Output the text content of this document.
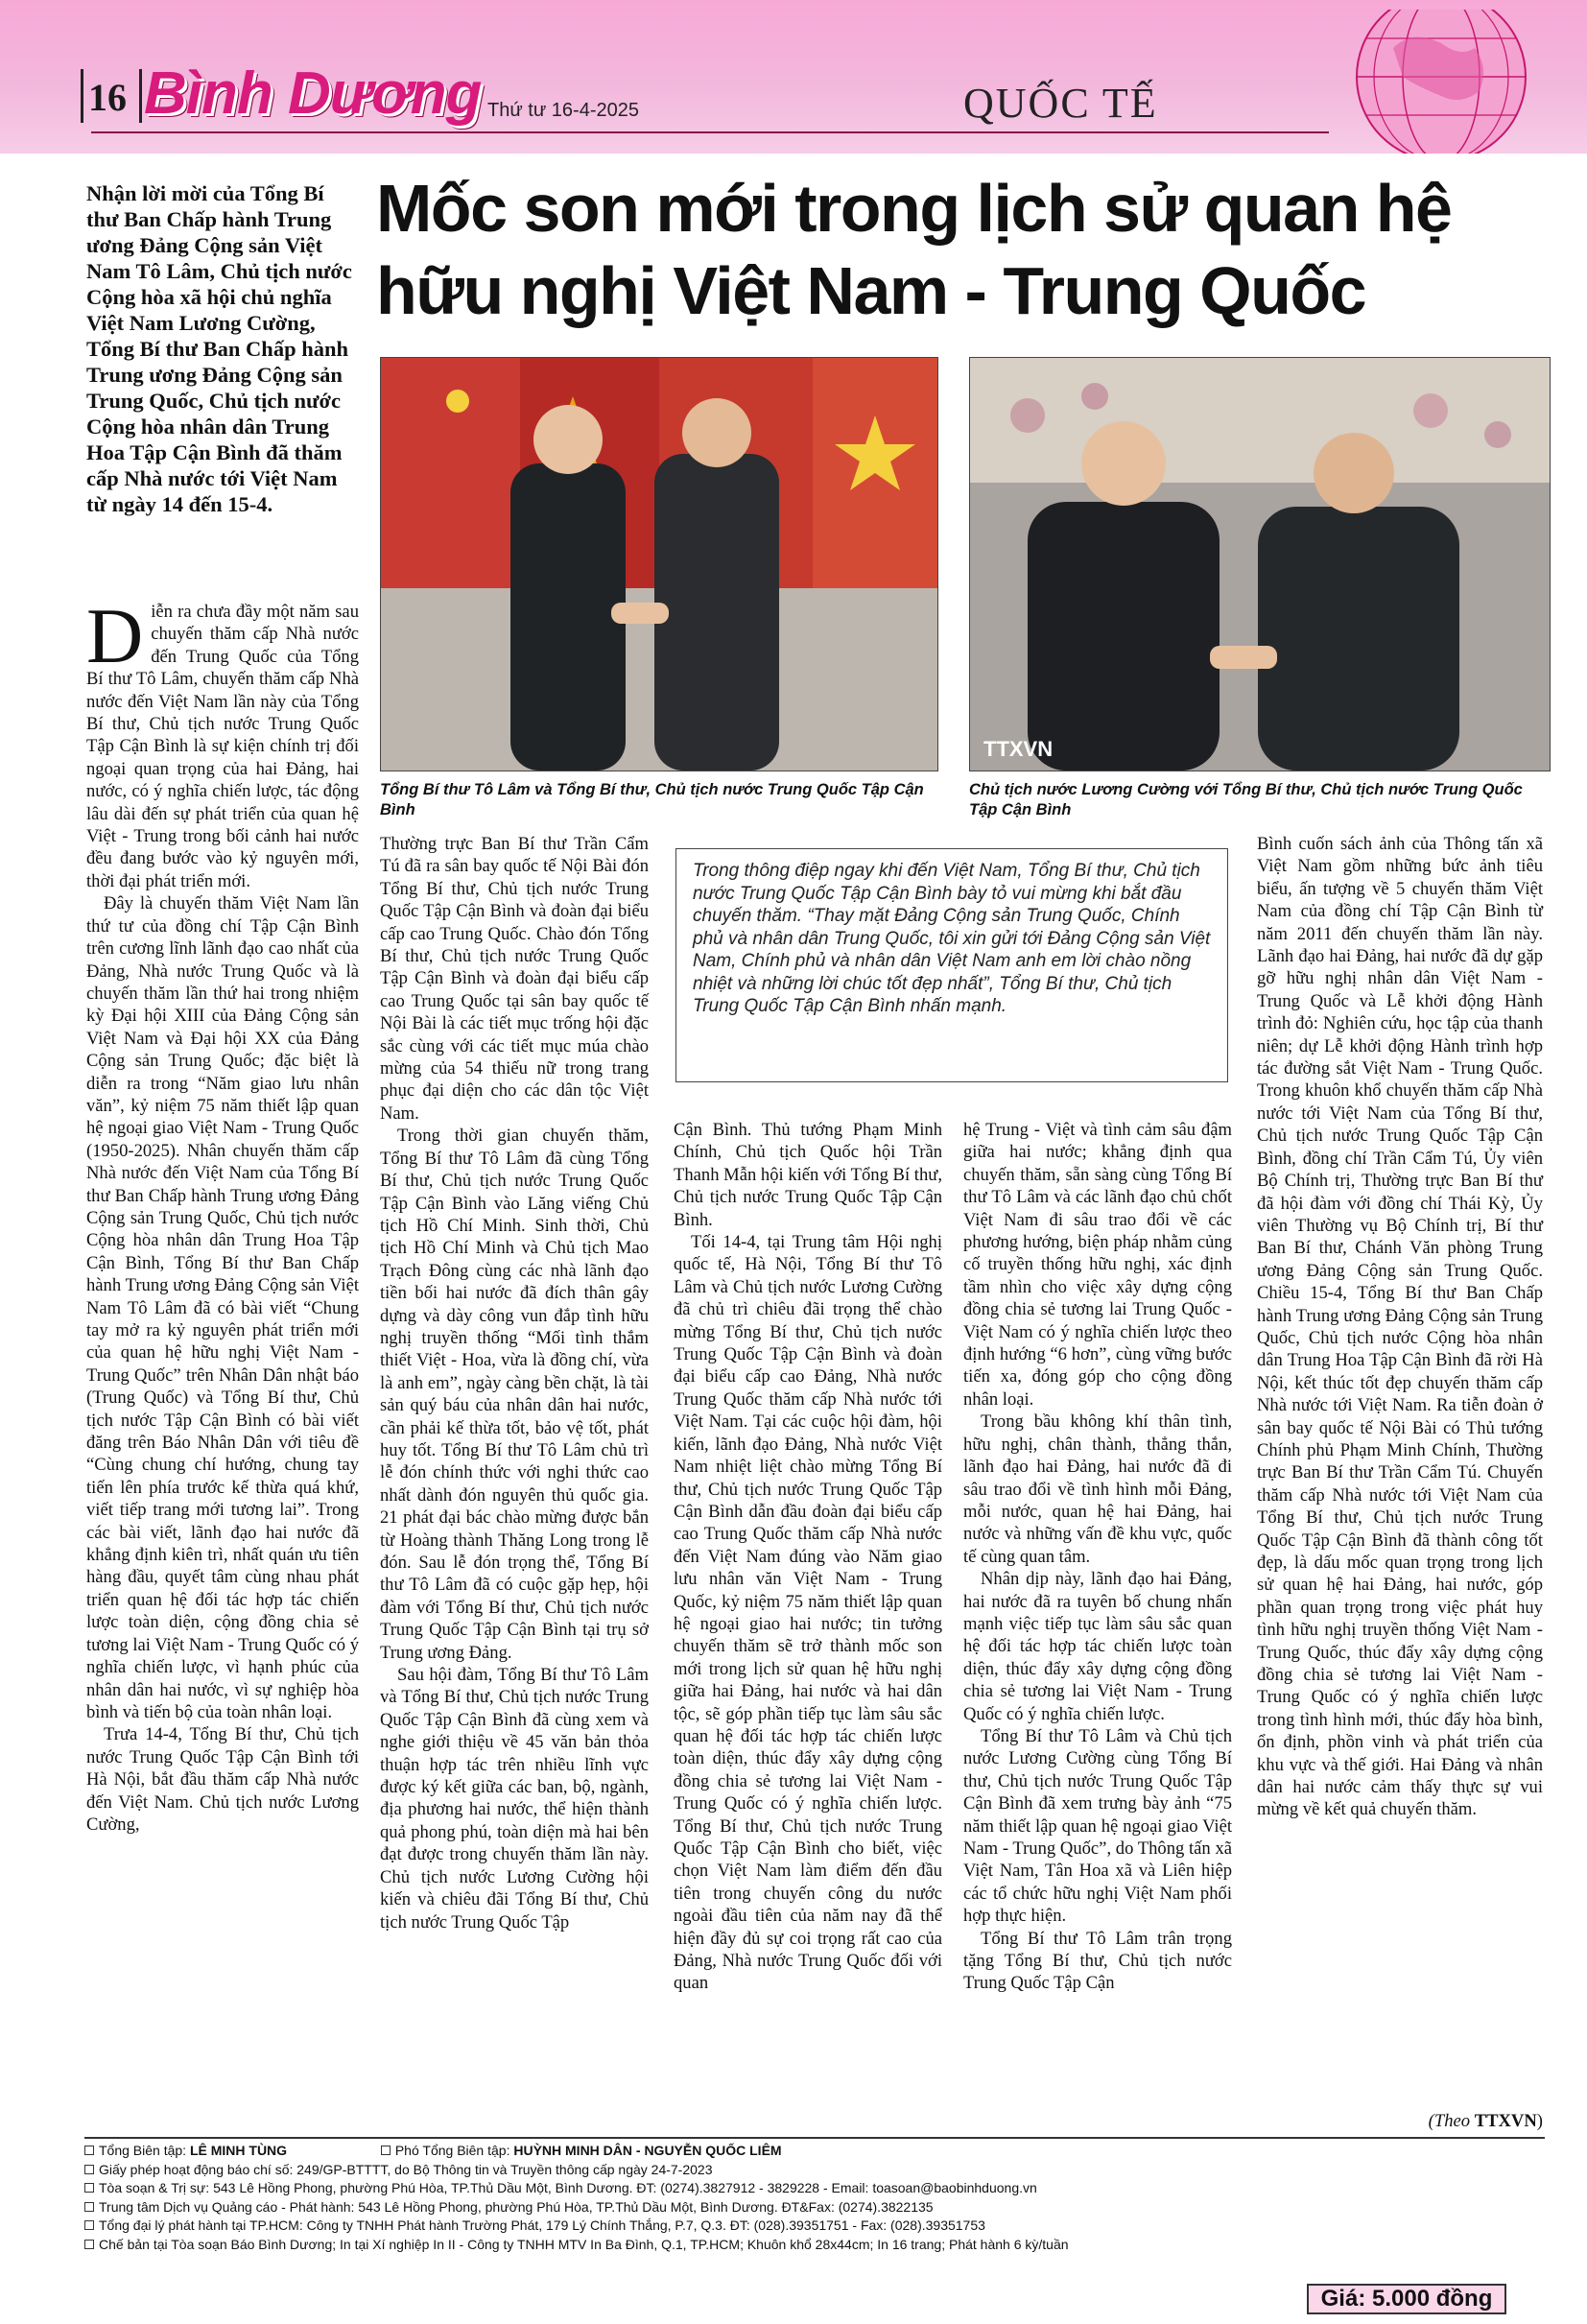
16 Bình Dương Thứ tư 16-4-2025	QUỐC TẾ
Nhận lời mời của Tổng Bí thư Ban Chấp hành Trung ương Đảng Cộng sản Việt Nam Tô Lâm, Chủ tịch nước Cộng hòa xã hội chủ nghĩa Việt Nam Lương Cường, Tổng Bí thư Ban Chấp hành Trung ương Đảng Cộng sản Trung Quốc, Chủ tịch nước Cộng hòa nhân dân Trung Hoa Tập Cận Bình đã thăm cấp Nhà nước tới Việt Nam từ ngày 14 đến 15-4.
Mốc son mới trong lịch sử quan hệ hữu nghị Việt Nam - Trung Quốc
TTXVN
Tổng Bí thư Tô Lâm và Tổng Bí thư, Chủ tịch nước Trung Quốc Tập Cận Bình
Chủ tịch nước Lương Cường với Tổng Bí thư, Chủ tịch nước Trung Quốc Tập Cận Bình

Diễn ra chưa đầy một năm sau chuyến thăm cấp Nhà nước đến Trung Quốc của Tổng Bí thư Tô Lâm, chuyến thăm cấp Nhà nước đến Việt Nam lần này của Tổng Bí thư, Chủ tịch nước Trung Quốc Tập Cận Bình là sự kiện chính trị đối ngoại quan trọng của hai Đảng, hai nước, có ý nghĩa chiến lược, tác động lâu dài đến sự phát triển của quan hệ Việt - Trung trong bối cảnh hai nước đều đang bước vào kỷ nguyên mới, thời đại phát triển mới.

Đây là chuyến thăm Việt Nam lần thứ tư của đồng chí Tập Cận Bình trên cương lĩnh lãnh đạo cao nhất của Đảng, Nhà nước Trung Quốc và là chuyến thăm lần thứ hai trong nhiệm kỳ Đại hội XIII của Đảng Cộng sản Việt Nam và Đại hội XX của Đảng Cộng sản Trung Quốc; đặc biệt là diễn ra trong “Năm giao lưu nhân văn”, kỷ niệm 75 năm thiết lập quan hệ ngoại giao Việt Nam - Trung Quốc (1950-2025). Nhân chuyến thăm cấp Nhà nước đến Việt Nam của Tổng Bí thư Ban Chấp hành Trung ương Đảng Cộng sản Trung Quốc, Chủ tịch nước Cộng hòa nhân dân Trung Hoa Tập Cận Bình, Tổng Bí thư Ban Chấp hành Trung ương Đảng Cộng sản Việt Nam Tô Lâm đã có bài viết “Chung tay mở ra kỷ nguyên phát triển mới của quan hệ hữu nghị Việt Nam - Trung Quốc” trên Nhân Dân nhật báo (Trung Quốc) và Tổng Bí thư, Chủ tịch nước Tập Cận Bình có bài viết đăng trên Báo Nhân Dân với tiêu đề “Cùng chung chí hướng, chung tay tiến lên phía trước kế thừa quá khứ, viết tiếp trang mới tương lai”. Trong các bài viết, lãnh đạo hai nước đã khẳng định kiên trì, nhất quán ưu tiên hàng đầu, quyết tâm cùng nhau phát triển quan hệ đối tác hợp tác chiến lược toàn diện, cộng đồng chia sẻ tương lai Việt Nam - Trung Quốc có ý nghĩa chiến lược, vì hạnh phúc của nhân dân hai nước, vì sự nghiệp hòa bình và tiến bộ của toàn nhân loại.

Trưa 14-4, Tổng Bí thư, Chủ tịch nước Trung Quốc Tập Cận Bình tới Hà Nội, bắt đầu thăm cấp Nhà nước đến Việt Nam. Chủ tịch nước Lương Cường,

Thường trực Ban Bí thư Trần Cẩm Tú đã ra sân bay quốc tế Nội Bài đón Tổng Bí thư, Chủ tịch nước Trung Quốc Tập Cận Bình và đoàn đại biểu cấp cao Trung Quốc. Chào đón Tổng Bí thư, Chủ tịch nước Trung Quốc Tập Cận Bình và đoàn đại biểu cấp cao Trung Quốc tại sân bay quốc tế Nội Bài là các tiết mục trống hội đặc sắc cùng với các tiết mục múa chào mừng của 54 thiếu nữ trong trang phục đại diện cho các dân tộc Việt Nam.

Trong thời gian chuyến thăm, Tổng Bí thư Tô Lâm đã cùng Tổng Bí thư, Chủ tịch nước Trung Quốc Tập Cận Bình vào Lăng viếng Chủ tịch Hồ Chí Minh. Sinh thời, Chủ tịch Hồ Chí Minh và Chủ tịch Mao Trạch Đông cùng các nhà lãnh đạo tiền bối hai nước đã đích thân gây dựng và dày công vun đắp tình hữu nghị truyền thống “Mối tình thắm thiết Việt - Hoa, vừa là đồng chí, vừa là anh em”, ngày càng bền chặt, là tài sản quý báu của nhân dân hai nước, cần phải kế thừa tốt, bảo vệ tốt, phát huy tốt. Tổng Bí thư Tô Lâm chủ trì lễ đón chính thức với nghi thức cao nhất dành đón nguyên thủ quốc gia. 21 phát đại bác chào mừng được bắn từ Hoàng thành Thăng Long trong lễ đón. Sau lễ đón trọng thể, Tổng Bí thư Tô Lâm đã có cuộc gặp hẹp, hội đàm với Tổng Bí thư, Chủ tịch nước Trung Quốc Tập Cận Bình tại trụ sở Trung ương Đảng.

Sau hội đàm, Tổng Bí thư Tô Lâm và Tổng Bí thư, Chủ tịch nước Trung Quốc Tập Cận Bình đã cùng xem và nghe giới thiệu về 45 văn bản thỏa thuận hợp tác trên nhiều lĩnh vực được ký kết giữa các ban, bộ, ngành, địa phương hai nước, thể hiện thành quả phong phú, toàn diện mà hai bên đạt được trong chuyến thăm lần này. Chủ tịch nước Lương Cường hội kiến và chiêu đãi Tổng Bí thư, Chủ tịch nước Trung Quốc Tập

Trong thông điệp ngay khi đến Việt Nam, Tổng Bí thư, Chủ tịch nước Trung Quốc Tập Cận Bình bày tỏ vui mừng khi bắt đầu chuyến thăm. “Thay mặt Đảng Cộng sản Trung Quốc, Chính phủ và nhân dân Trung Quốc, tôi xin gửi tới Đảng Cộng sản Việt Nam, Chính phủ và nhân dân Việt Nam anh em lời chào nồng nhiệt và những lời chúc tốt đẹp nhất”, Tổng Bí thư, Chủ tịch Trung Quốc Tập Cận Bình nhấn mạnh.

Cận Bình. Thủ tướng Phạm Minh Chính, Chủ tịch Quốc hội Trần Thanh Mẫn hội kiến với Tổng Bí thư, Chủ tịch nước Trung Quốc Tập Cận Bình.

Tối 14-4, tại Trung tâm Hội nghị quốc tế, Hà Nội, Tổng Bí thư Tô Lâm và Chủ tịch nước Lương Cường đã chủ trì chiêu đãi trọng thể chào mừng Tổng Bí thư, Chủ tịch nước Trung Quốc Tập Cận Bình và đoàn đại biểu cấp cao Đảng, Nhà nước Trung Quốc thăm cấp Nhà nước tới Việt Nam. Tại các cuộc hội đàm, hội kiến, lãnh đạo Đảng, Nhà nước Việt Nam nhiệt liệt chào mừng Tổng Bí thư, Chủ tịch nước Trung Quốc Tập Cận Bình dẫn đầu đoàn đại biểu cấp cao Trung Quốc thăm cấp Nhà nước đến Việt Nam đúng vào Năm giao lưu nhân văn Việt Nam - Trung Quốc, kỷ niệm 75 năm thiết lập quan hệ ngoại giao hai nước; tin tưởng chuyến thăm sẽ trở thành mốc son mới trong lịch sử quan hệ hữu nghị giữa hai Đảng, hai nước và hai dân tộc, sẽ góp phần tiếp tục làm sâu sắc quan hệ đối tác hợp tác chiến lược toàn diện, thúc đẩy xây dựng cộng đồng chia sẻ tương lai Việt Nam - Trung Quốc có ý nghĩa chiến lược. Tổng Bí thư, Chủ tịch nước Trung Quốc Tập Cận Bình cho biết, việc chọn Việt Nam làm điểm đến đầu tiên trong chuyến công du nước ngoài đầu tiên của năm nay đã thể hiện đầy đủ sự coi trọng rất cao của Đảng, Nhà nước Trung Quốc đối với quan

hệ Trung - Việt và tình cảm sâu đậm giữa hai nước; khẳng định qua chuyến thăm, sẵn sàng cùng Tổng Bí thư Tô Lâm và các lãnh đạo chủ chốt Việt Nam đi sâu trao đổi về các phương hướng, biện pháp nhằm củng cố truyền thống hữu nghị, xác định tầm nhìn cho việc xây dựng cộng đồng chia sẻ tương lai Trung Quốc - Việt Nam có ý nghĩa chiến lược theo định hướng “6 hơn”, cùng vững bước tiến xa, đóng góp cho cộng đồng nhân loại.

Trong bầu không khí thân tình, hữu nghị, chân thành, thẳng thắn, lãnh đạo hai Đảng, hai nước đã đi sâu trao đổi về tình hình mỗi Đảng, mỗi nước, quan hệ hai Đảng, hai nước và những vấn đề khu vực, quốc tế cùng quan tâm.

Nhân dịp này, lãnh đạo hai Đảng, hai nước đã ra tuyên bố chung nhấn mạnh việc tiếp tục làm sâu sắc quan hệ đối tác hợp tác chiến lược toàn diện, thúc đẩy xây dựng cộng đồng chia sẻ tương lai Việt Nam - Trung Quốc có ý nghĩa chiến lược.

Tổng Bí thư Tô Lâm và Chủ tịch nước Lương Cường cùng Tổng Bí thư, Chủ tịch nước Trung Quốc Tập Cận Bình đã xem trưng bày ảnh “75 năm thiết lập quan hệ ngoại giao Việt Nam - Trung Quốc”, do Thông tấn xã Việt Nam, Tân Hoa xã và Liên hiệp các tổ chức hữu nghị Việt Nam phối hợp thực hiện.

Tổng Bí thư Tô Lâm trân trọng tặng Tổng Bí thư, Chủ tịch nước Trung Quốc Tập Cận

Bình cuốn sách ảnh của Thông tấn xã Việt Nam gồm những bức ảnh tiêu biểu, ấn tượng về 5 chuyến thăm Việt Nam của đồng chí Tập Cận Bình từ năm 2011 đến chuyến thăm lần này. Lãnh đạo hai Đảng, hai nước đã dự gặp gỡ hữu nghị nhân dân Việt Nam - Trung Quốc và Lễ khởi động Hành trình đỏ: Nghiên cứu, học tập của thanh niên; dự Lễ khởi động Hành trình hợp tác đường sắt Việt Nam - Trung Quốc. Trong khuôn khổ chuyến thăm cấp Nhà nước tới Việt Nam của Tổng Bí thư, Chủ tịch nước Trung Quốc Tập Cận Bình, đồng chí Trần Cẩm Tú, Ủy viên Bộ Chính trị, Thường trực Ban Bí thư đã hội đàm với đồng chí Thái Kỳ, Ủy viên Thường vụ Bộ Chính trị, Bí thư Ban Bí thư, Chánh Văn phòng Trung ương Đảng Cộng sản Trung Quốc. Chiều 15-4, Tổng Bí thư Ban Chấp hành Trung ương Đảng Cộng sản Trung Quốc, Chủ tịch nước Cộng hòa nhân dân Trung Hoa Tập Cận Bình đã rời Hà Nội, kết thúc tốt đẹp chuyến thăm cấp Nhà nước tới Việt Nam. Ra tiễn đoàn ở sân bay quốc tế Nội Bài có Thủ tướng Chính phủ Phạm Minh Chính, Thường trực Ban Bí thư Trần Cẩm Tú. Chuyến thăm cấp Nhà nước tới Việt Nam của Tổng Bí thư, Chủ tịch nước Trung Quốc Tập Cận Bình đã thành công tốt đẹp, là dấu mốc quan trọng trong lịch sử quan hệ hai Đảng, hai nước, góp phần quan trọng trong việc phát huy tình hữu nghị truyền thống Việt Nam - Trung Quốc, thúc đẩy xây dựng cộng đồng chia sẻ tương lai Việt Nam - Trung Quốc có ý nghĩa chiến lược trong tình hình mới, thúc đẩy hòa bình, ổn định, phồn vinh và phát triển của khu vực và thế giới. Hai Đảng và nhân dân hai nước cảm thấy thực sự vui mừng về kết quả chuyến thăm.

(Theo TTXVN)
Tổng Biên tập: LÊ MINH TÙNG	Phó Tổng Biên tập: HUỲNH MINH DÂN - NGUYỄN QUỐC LIÊM
Giấy phép hoạt động báo chí số: 249/GP-BTTTT, do Bộ Thông tin và Truyền thông cấp ngày 24-7-2023
Tòa soạn & Trị sự: 543 Lê Hồng Phong, phường Phú Hòa, TP.Thủ Dầu Một, Bình Dương. ĐT: (0274).3827912 - 3829228 - Email: toasoan@baobinhduong.vn
Trung tâm Dịch vụ Quảng cáo - Phát hành: 543 Lê Hồng Phong, phường Phú Hòa, TP.Thủ Dầu Một, Bình Dương. ĐT&Fax: (0274).3822135
Tổng đại lý phát hành tại TP.HCM: Công ty TNHH Phát hành Trường Phát, 179 Lý Chính Thắng, P.7, Q.3. ĐT: (028).39351751 - Fax: (028).39351753
Chế bản tại Tòa soạn Báo Bình Dương; In tại Xí nghiệp In II - Công ty TNHH MTV In Ba Đình, Q.1, TP.HCM; Khuôn khổ 28x44cm; In 16 trang; Phát hành 6 kỳ/tuần
Giá: 5.000 đồng
